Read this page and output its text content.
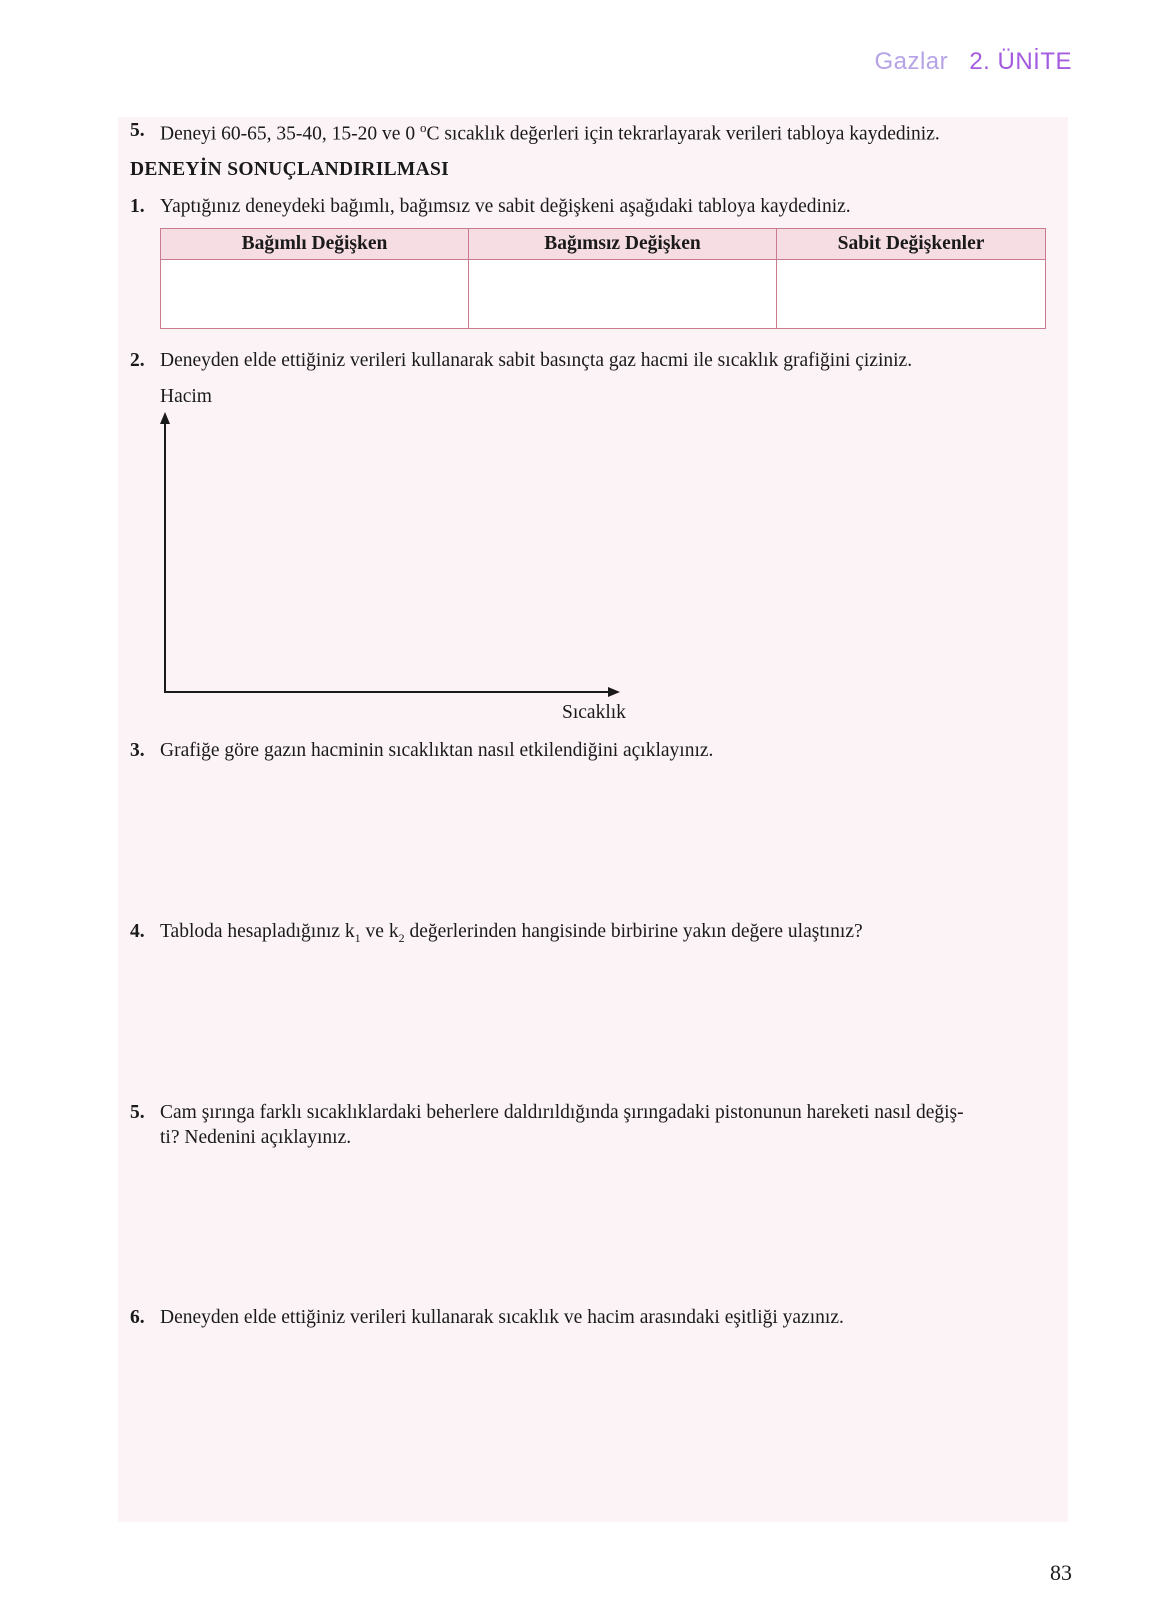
Gazlar 2. ÜNİTE
5. Deneyi 60-65, 35-40, 15-20 ve 0 $^o$C sıcaklık değerleri için tekrarlayarak verileri tabloya kaydediniz.
DENEYİN SONUÇLANDIRILMASI
1. Yaptığınız deneydeki bağımlı, bağımsız ve sabit değişkeni aşağıdaki tabloya kaydediniz.
Bağımlı Değişken	Bağımsız Değişken	Sabit Değişkenler

2. Deneyden elde ettiğiniz verileri kullanarak sabit basınçta gaz hacmi ile sıcaklık grafiğini çiziniz.
Hacim
Sıcaklık
3. Grafiğe göre gazın hacminin sıcaklıktan nasıl etkilendiğini açıklayınız.
4. Tabloda hesapladığınız $k_1$ ve $k_2$ değerlerinden hangisinde birbirine yakın değere ulaştınız?
5. Cam şırınga farklı sıcaklıklardaki beherlere daldırıldığında şırıngadaki pistonunun hareketi nasıl değiş-
ti? Nedenini açıklayınız.
6. Deneyden elde ettiğiniz verileri kullanarak sıcaklık ve hacim arasındaki eşitliği yazınız.
83
